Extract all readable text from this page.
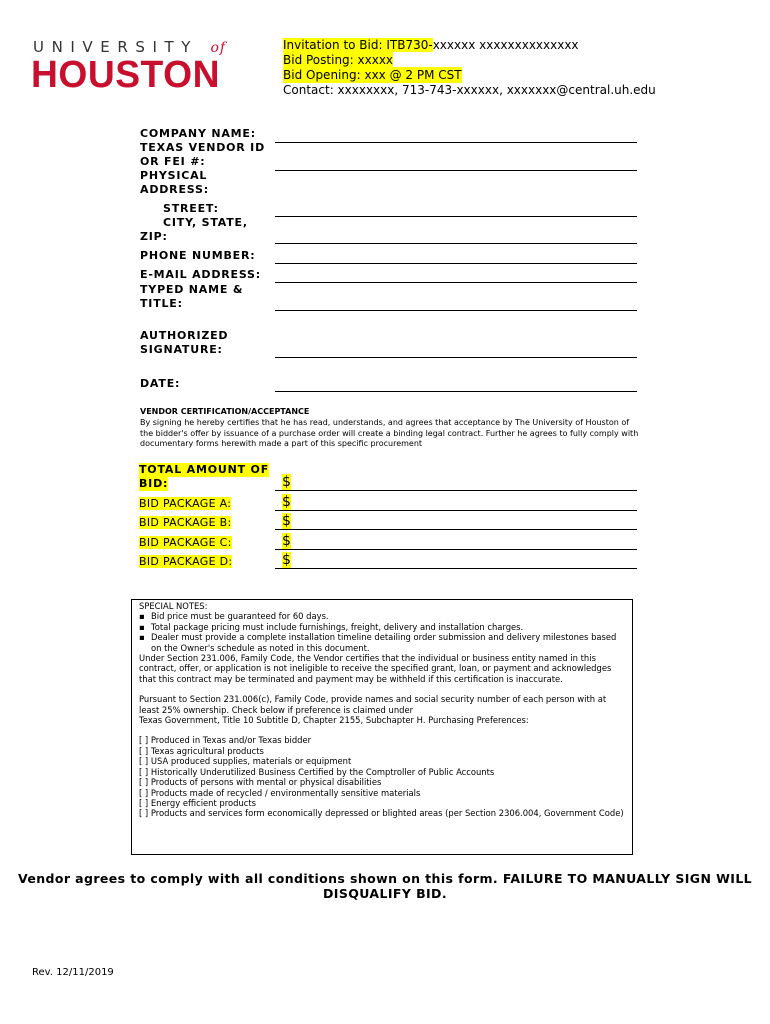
UNIVERSITY of
HOUSTON
Invitation to Bid: ITB730-xxxxxx xxxxxxxxxxxxxx
Bid Posting: xxxxx
Bid Opening: xxx @ 2 PM CST
Contact: xxxxxxxx, 713-743-xxxxxx, xxxxxxx@central.uh.edu
COMPANY NAME:
TEXAS VENDOR ID
OR FEI #:
PHYSICAL
ADDRESS:
STREET:
CITY, STATE,
ZIP:
PHONE NUMBER:
E-MAIL ADDRESS:
TYPED NAME &
TITLE:
AUTHORIZED
SIGNATURE:
DATE:
VENDOR CERTIFICATION/ACCEPTANCE
By signing he hereby certifies that he has read, understands, and agrees that acceptance by The University of Houston of the bidder's offer by issuance of a purchase order will create a binding legal contract. Further he agrees to fully comply with documentary forms herewith made a part of this specific procurement
TOTAL AMOUNT OF
BID:
BID PACKAGE A:
BID PACKAGE B:
BID PACKAGE C:
BID PACKAGE D:
$
$
$
$
$

SPECIAL NOTES:

▪ Bid price must be guaranteed for 60 days.
▪ Total package pricing must include furnishings, freight, delivery and installation charges.
▪ Dealer must provide a complete installation timeline detailing order submission and delivery milestones based on the Owner's schedule as noted in this document.

Under Section 231.006, Family Code, the Vendor certifies that the individual or business entity named in this contract, offer, or application is not ineligible to receive the specified grant, loan, or payment and acknowledges that this contract may be terminated and payment may be withheld if this certification is inaccurate.

Pursuant to Section 231.006(c), Family Code, provide names and social security number of each person with at least 25% ownership. Check below if preference is claimed under

Texas Government, Title 10 Subtitle D, Chapter 2155, Subchapter H. Purchasing Preferences:

[ ] Produced in Texas and/or Texas bidder

[ ] Texas agricultural products

[ ] USA produced supplies, materials or equipment

[ ] Historically Underutilized Business Certified by the Comptroller of Public Accounts

[ ] Products of persons with mental or physical disabilities

[ ] Products made of recycled / environmentally sensitive materials

[ ] Energy efficient products

[ ] Products and services form economically depressed or blighted areas (per Section 2306.004, Government Code)

Vendor agrees to comply with all conditions shown on this form. FAILURE TO MANUALLY SIGN WILL
DISQUALIFY BID.
Rev. 12/11/2019
